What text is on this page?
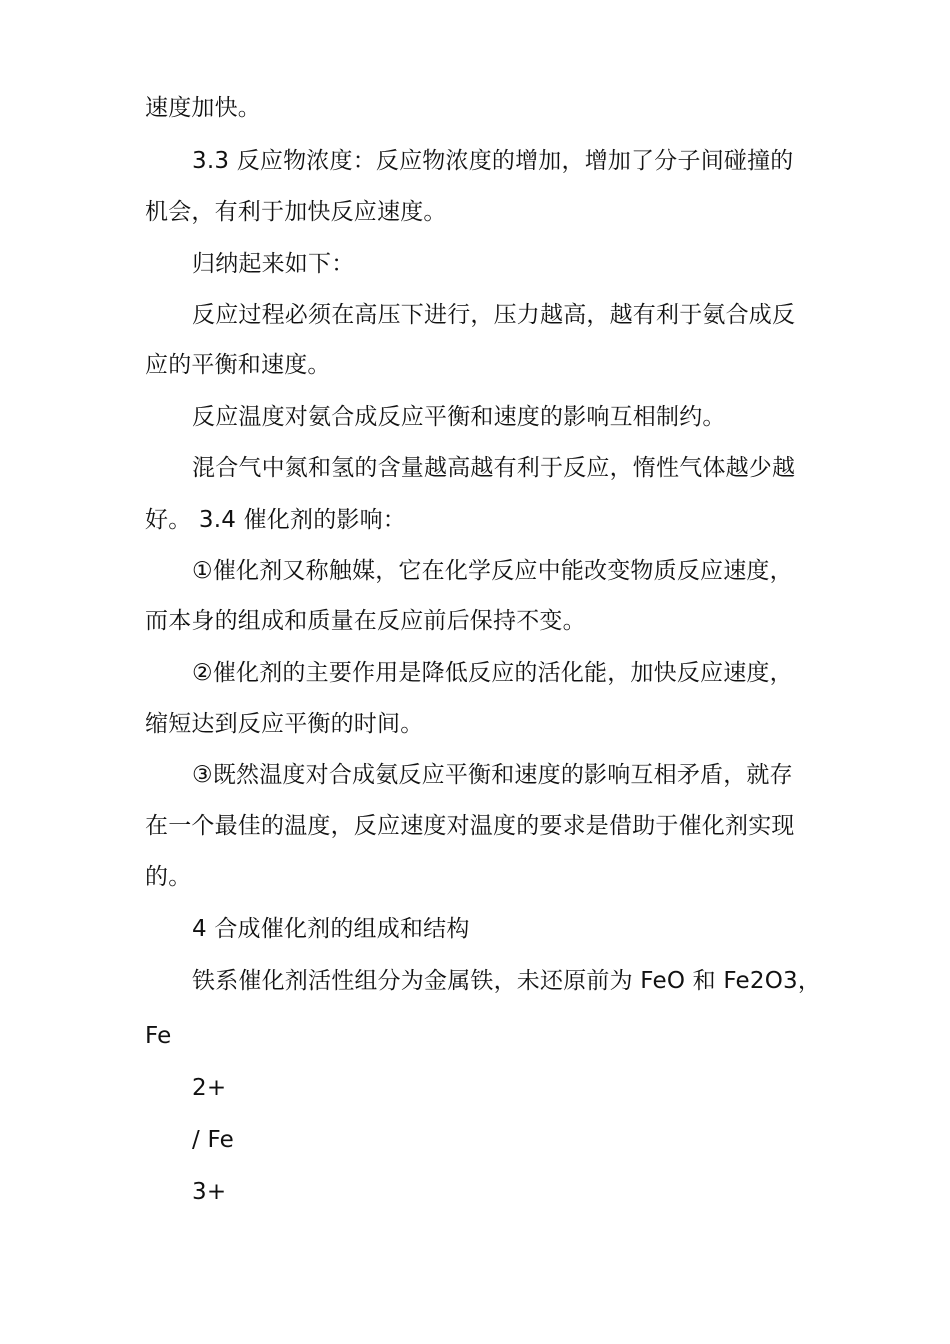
速度加快。
3.3 反应物浓度：反应物浓度的增加，增加了分子间碰撞的
机会，有利于加快反应速度。
归纳起来如下：
反应过程必须在高压下进行，压力越高，越有利于氨合成反
应的平衡和速度。
反应温度对氨合成反应平衡和速度的影响互相制约。
混合气中氮和氢的含量越高越有利于反应，惰性气体越少越
好。 3.4 催化剂的影响：
①催化剂又称触媒，它在化学反应中能改变物质反应速度，
而本身的组成和质量在反应前后保持不变。
②催化剂的主要作用是降低反应的活化能，加快反应速度，
缩短达到反应平衡的时间。
③既然温度对合成氨反应平衡和速度的影响互相矛盾，就存
在一个最佳的温度，反应速度对温度的要求是借助于催化剂实现
的。
4 合成催化剂的组成和结构
铁系催化剂活性组分为金属铁，未还原前为 FeO 和 Fe2O3，
Fe
2+
/ Fe
3+
